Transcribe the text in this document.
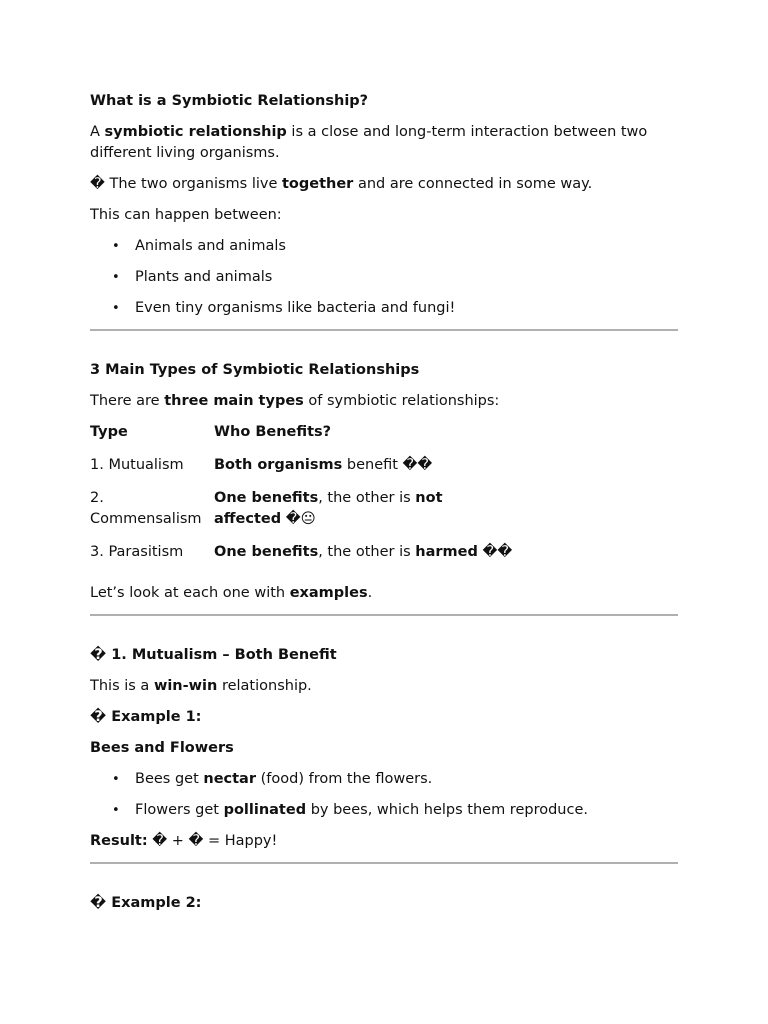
What is a Symbiotic Relationship?

A symbiotic relationship is a close and long-term interaction between two different living organisms.

� The two organisms live together and are connected in some way.

This can happen between:

• Animals and animals
• Plants and animals
• Even tiny organisms like bacteria and fungi!

3 Main Types of Symbiotic Relationships

There are three main types of symbiotic relationships:

Type	Who Benefits?
1. Mutualism	Both organisms benefit ��
2. Commensalism	One benefits, the other is not affected �😐
3. Parasitism	One benefits, the other is harmed ��

Let’s look at each one with examples.

� 1. Mutualism – Both Benefit

This is a win-win relationship.

� Example 1:

Bees and Flowers

• Bees get nectar (food) from the flowers.
• Flowers get pollinated by bees, which helps them reproduce.

Result: � + � = Happy!

� Example 2:
